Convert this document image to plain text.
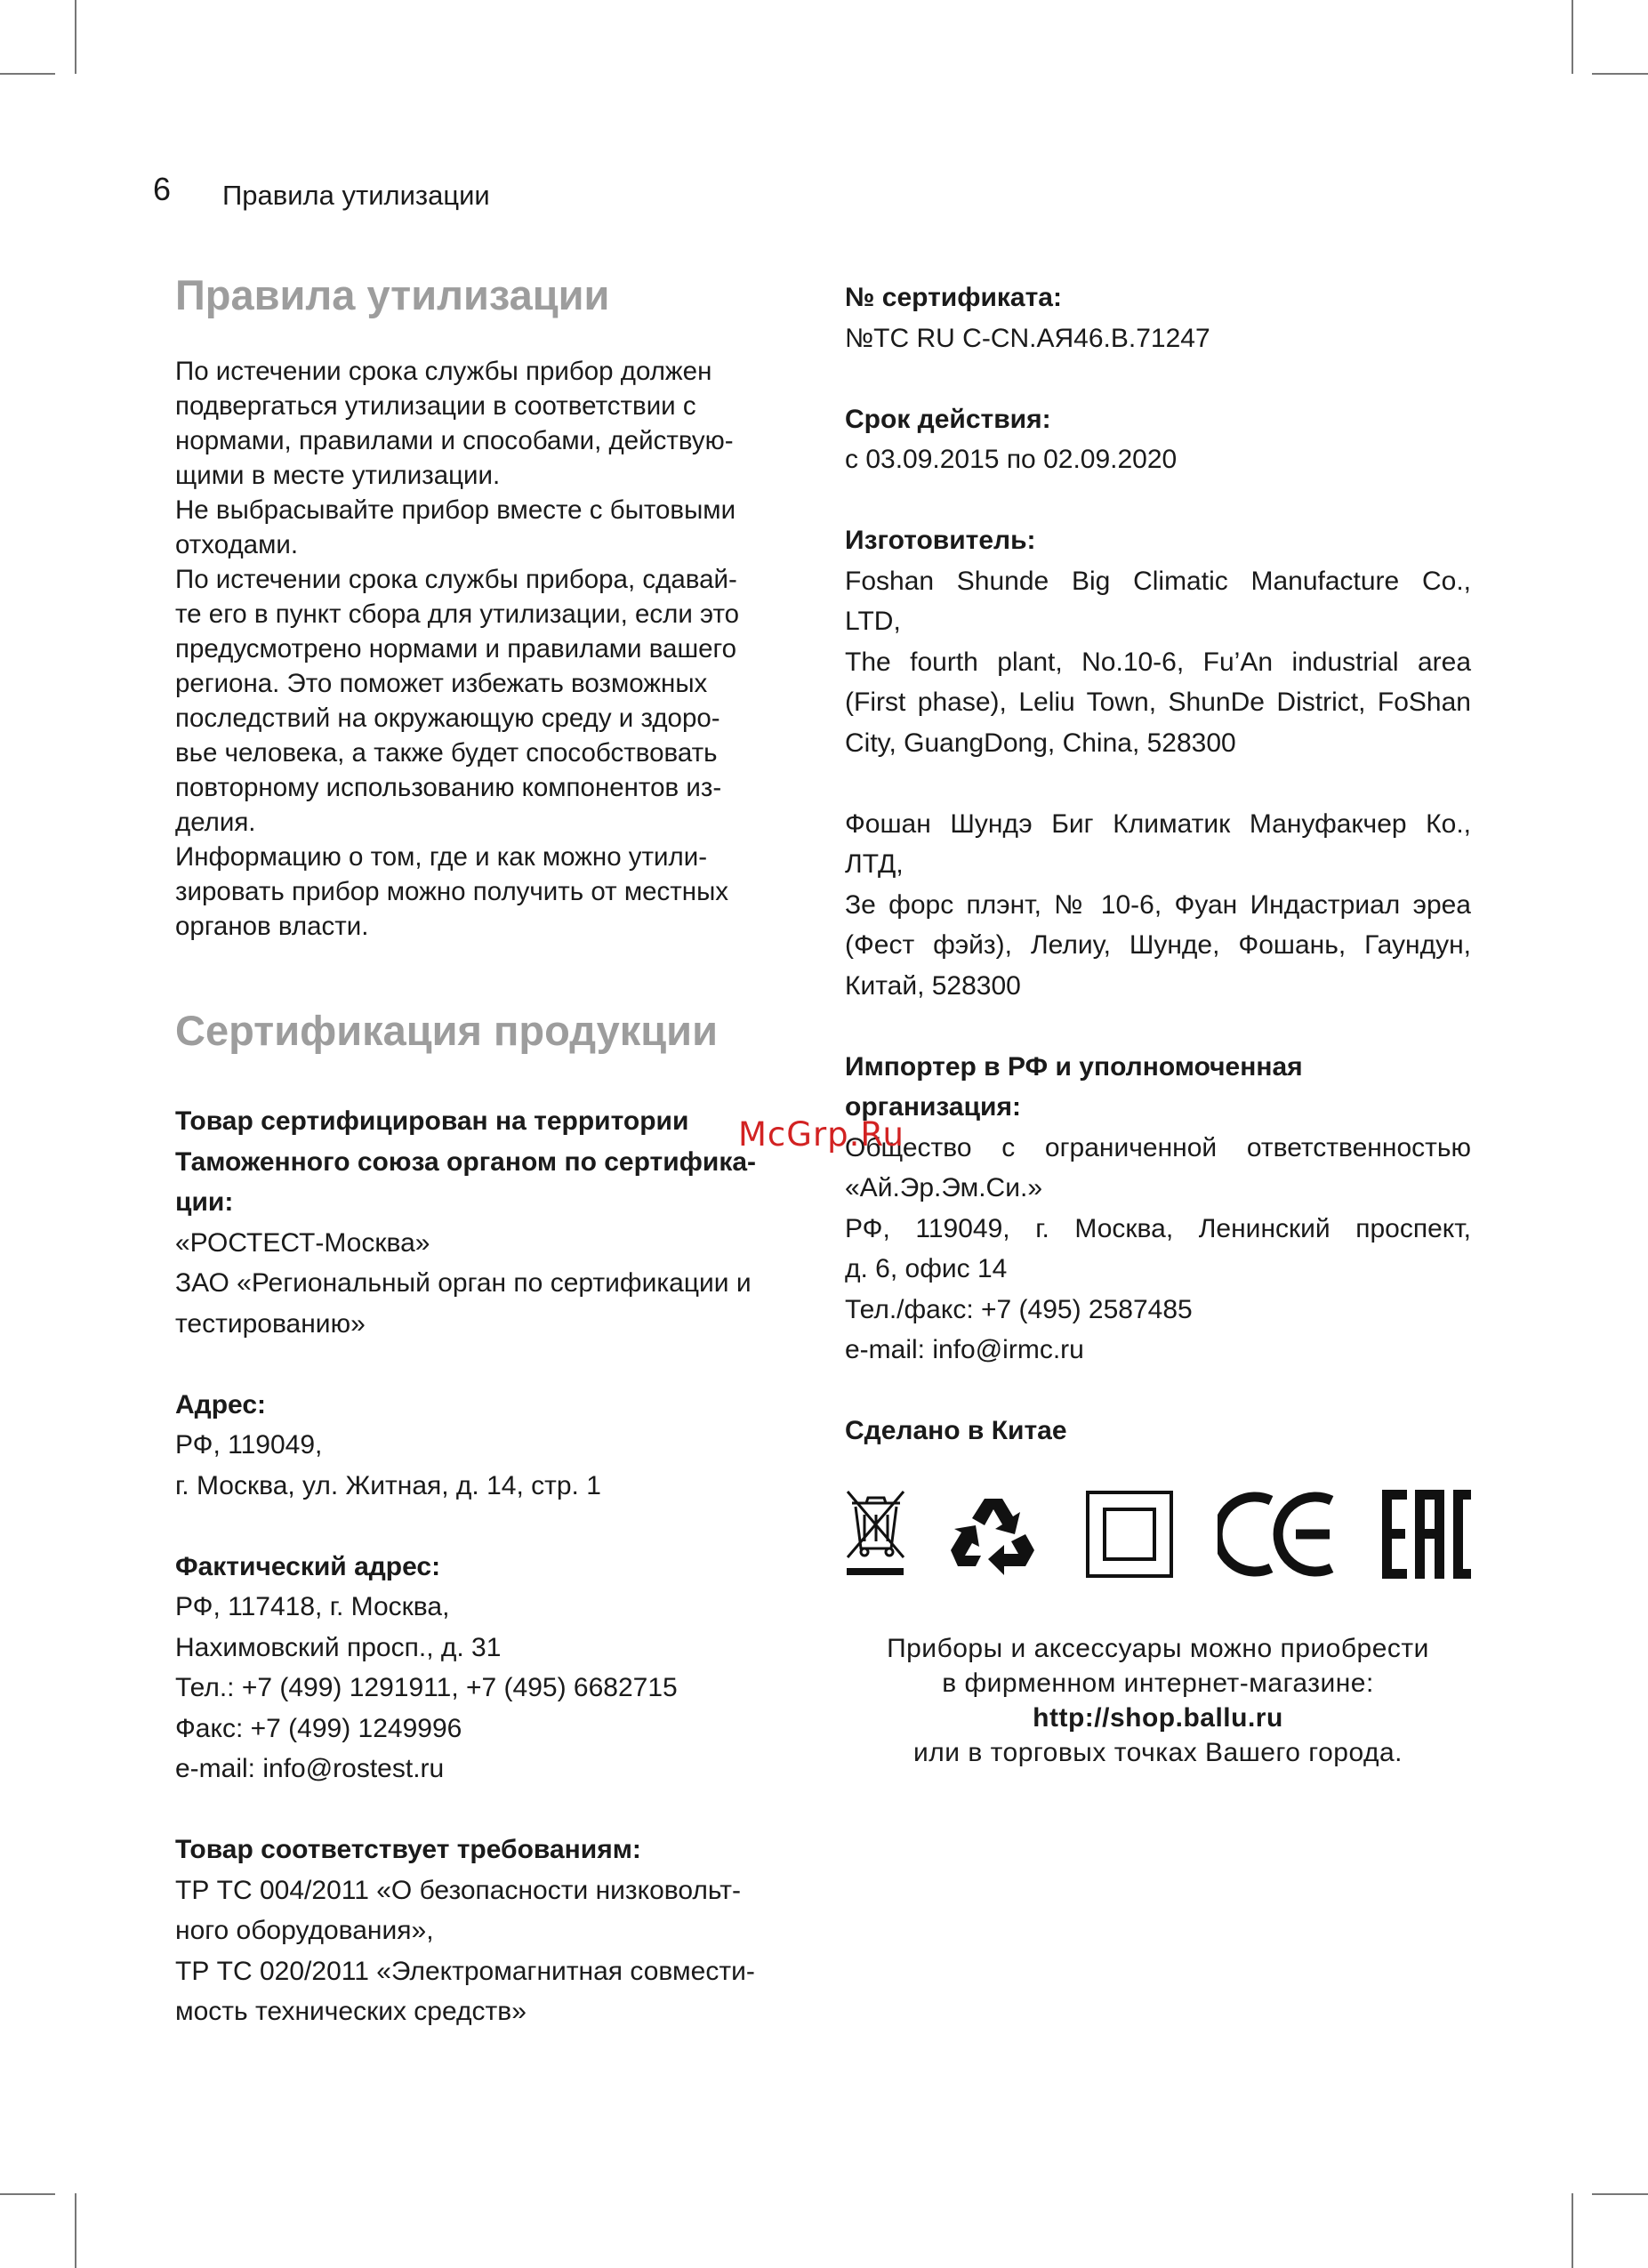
6 Правила утилизации
Правила утилизации

По истечении срока службы прибор должен
подвергаться утилизации в соответствии с
нормами, правилами и способами, действую-
щими в месте утилизации.
Не выбрасывайте прибор вместе с бытовыми
отходами.
По истечении срока службы прибора, сдавай-
те его в пункт сбора для утилизации, если это
предусмотрено нормами и правилами вашего
региона. Это поможет избежать возможных
последствий на окружающую среду и здоро-
вье человека, а также будет способствовать
повторному использованию компонентов из-
делия.
Информацию о том, где и как можно утили-
зировать прибор можно получить от местных
органов власти.

Сертификация продукции
Товар сертифицирован на территории
Таможенного союза органом по сертифика-
ции:
«РОСТЕСТ-Москва»
ЗАО «Региональный орган по сертификации и
тестированию»
Адрес:
РФ, 119049,
г. Москва, ул. Житная, д. 14, стр. 1
Фактический адрес:
РФ, 117418, г. Москва,
Нахимовский просп., д. 31
Тел.: +7 (499) 1291911, +7 (495) 6682715
Факс: +7 (499) 1249996
e-mail: info@rostest.ru
Товар соответствует требованиям:
ТР ТС 004/2011 «О безопасности низковольт-
ного оборудования»,
ТР ТС 020/2011 «Электромагнитная совмести-
мость технических средств»
№ сертификата:
№ТС RU C-CN.АЯ46.В.71247
Срок действия:
с 03.09.2015 по 02.09.2020
Изготовитель:
Foshan Shunde Big Climatic Manufacture Co.,
LTD,
The fourth plant, No.10-6, Fu’An industrial area
(First phase), Leliu Town, ShunDe District, FoShan
City, GuangDong, China, 528300
Фошан Шундэ Биг Климатик Мануфакчер Ко.,
ЛТД,
Зе форс плэнт, № 10-6, Фуан Индастриал эреа
(Фест фэйз), Лелиу, Шунде, Фошань, Гаундун,
Китай, 528300
Импортер в РФ и уполномоченная
организация:
Общество с ограниченной ответственностью
«Ай.Эр.Эм.Си.»
РФ, 119049, г. Москва, Ленинский проспект,
д. 6, офис 14
Тел./факс: +7 (495) 2587485
e-mail: info@irmc.ru
Сделано в Китае
Приборы и аксессуары можно приобрести
в фирменном интернет-магазине:
http://shop.ballu.ru
или в торговых точках Вашего города.
McGrp.Ru
